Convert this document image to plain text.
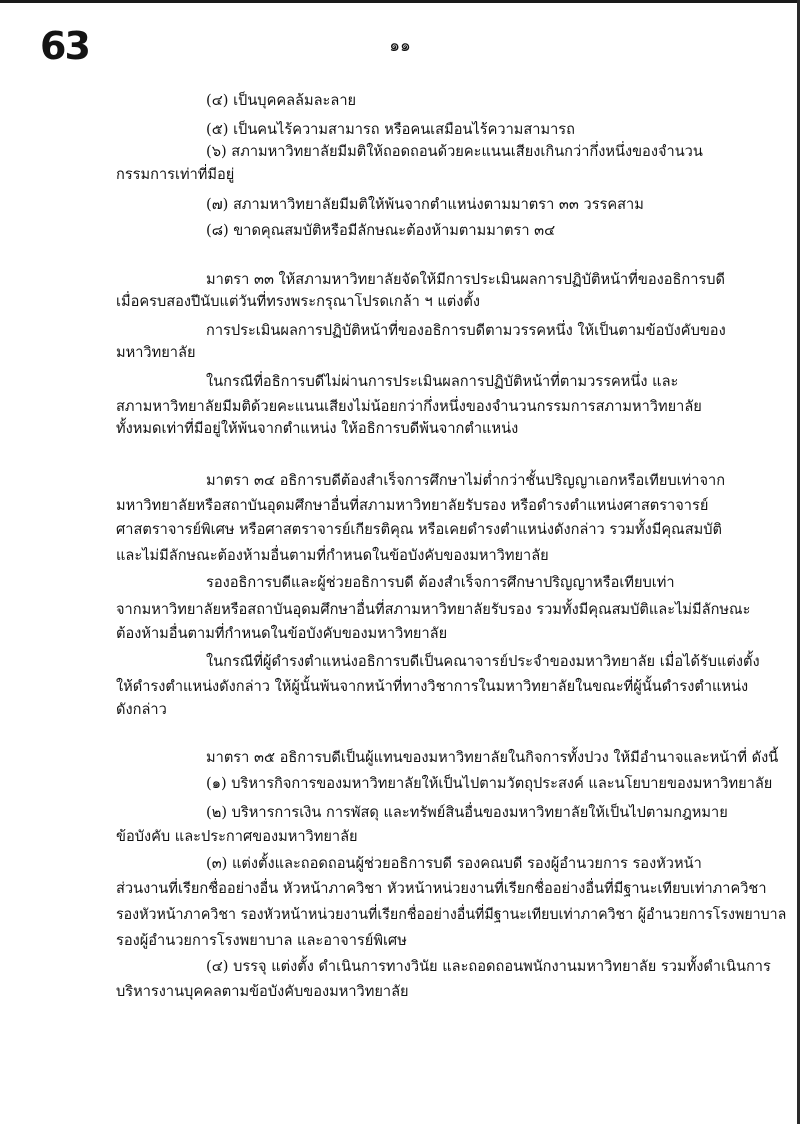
63	๑๑
(๔) เป็นบุคคลล้มละลาย
(๕) เป็นคนไร้ความสามารถ หรือคนเสมือนไร้ความสามารถ
(๖) สภามหาวิทยาลัยมีมติให้ถอดถอนด้วยคะแนนเสียงเกินกว่ากึ่งหนึ่งของจำนวน
กรรมการเท่าที่มีอยู่
(๗) สภามหาวิทยาลัยมีมติให้พ้นจากตำแหน่งตามมาตรา ๓๓ วรรคสาม
(๘) ขาดคุณสมบัติหรือมีลักษณะต้องห้ามตามมาตรา ๓๔
มาตรา ๓๓ ให้สภามหาวิทยาลัยจัดให้มีการประเมินผลการปฏิบัติหน้าที่ของอธิการบดี
เมื่อครบสองปีนับแต่วันที่ทรงพระกรุณาโปรดเกล้า ฯ แต่งตั้ง
การประเมินผลการปฏิบัติหน้าที่ของอธิการบดีตามวรรคหนึ่ง ให้เป็นตามข้อบังคับของ
มหาวิทยาลัย
ในกรณีที่อธิการบดีไม่ผ่านการประเมินผลการปฏิบัติหน้าที่ตามวรรคหนึ่ง และ
สภามหาวิทยาลัยมีมติด้วยคะแนนเสียงไม่น้อยกว่ากึ่งหนึ่งของจำนวนกรรมการสภามหาวิทยาลัย
ทั้งหมดเท่าที่มีอยู่ให้พ้นจากตำแหน่ง ให้อธิการบดีพ้นจากตำแหน่ง
มาตรา ๓๔ อธิการบดีต้องสำเร็จการศึกษาไม่ต่ำกว่าชั้นปริญญาเอกหรือเทียบเท่าจาก
มหาวิทยาลัยหรือสถาบันอุดมศึกษาอื่นที่สภามหาวิทยาลัยรับรอง หรือดำรงตำแหน่งศาสตราจารย์
ศาสตราจารย์พิเศษ หรือศาสตราจารย์เกียรติคุณ หรือเคยดำรงตำแหน่งดังกล่าว รวมทั้งมีคุณสมบัติ
และไม่มีลักษณะต้องห้ามอื่นตามที่กำหนดในข้อบังคับของมหาวิทยาลัย
รองอธิการบดีและผู้ช่วยอธิการบดี ต้องสำเร็จการศึกษาปริญญาหรือเทียบเท่า
จากมหาวิทยาลัยหรือสถาบันอุดมศึกษาอื่นที่สภามหาวิทยาลัยรับรอง รวมทั้งมีคุณสมบัติและไม่มีลักษณะ
ต้องห้ามอื่นตามที่กำหนดในข้อบังคับของมหาวิทยาลัย
ในกรณีที่ผู้ดำรงตำแหน่งอธิการบดีเป็นคณาจารย์ประจำของมหาวิทยาลัย เมื่อได้รับแต่งตั้ง
ให้ดำรงตำแหน่งดังกล่าว ให้ผู้นั้นพ้นจากหน้าที่ทางวิชาการในมหาวิทยาลัยในขณะที่ผู้นั้นดำรงตำแหน่ง
ดังกล่าว
มาตรา ๓๕ อธิการบดีเป็นผู้แทนของมหาวิทยาลัยในกิจการทั้งปวง ให้มีอำนาจและหน้าที่ ดังนี้
(๑) บริหารกิจการของมหาวิทยาลัยให้เป็นไปตามวัตถุประสงค์ และนโยบายของมหาวิทยาลัย
(๒) บริหารการเงิน การพัสดุ และทรัพย์สินอื่นของมหาวิทยาลัยให้เป็นไปตามกฎหมาย
ข้อบังคับ และประกาศของมหาวิทยาลัย
(๓) แต่งตั้งและถอดถอนผู้ช่วยอธิการบดี รองคณบดี รองผู้อำนวยการ รองหัวหน้า
ส่วนงานที่เรียกชื่ออย่างอื่น หัวหน้าภาควิชา หัวหน้าหน่วยงานที่เรียกชื่ออย่างอื่นที่มีฐานะเทียบเท่าภาควิชา
รองหัวหน้าภาควิชา รองหัวหน้าหน่วยงานที่เรียกชื่ออย่างอื่นที่มีฐานะเทียบเท่าภาควิชา ผู้อำนวยการโรงพยาบาล
รองผู้อำนวยการโรงพยาบาล และอาจารย์พิเศษ
(๔) บรรจุ แต่งตั้ง ดำเนินการทางวินัย และถอดถอนพนักงานมหาวิทยาลัย รวมทั้งดำเนินการ
บริหารงานบุคคลตามข้อบังคับของมหาวิทยาลัย
